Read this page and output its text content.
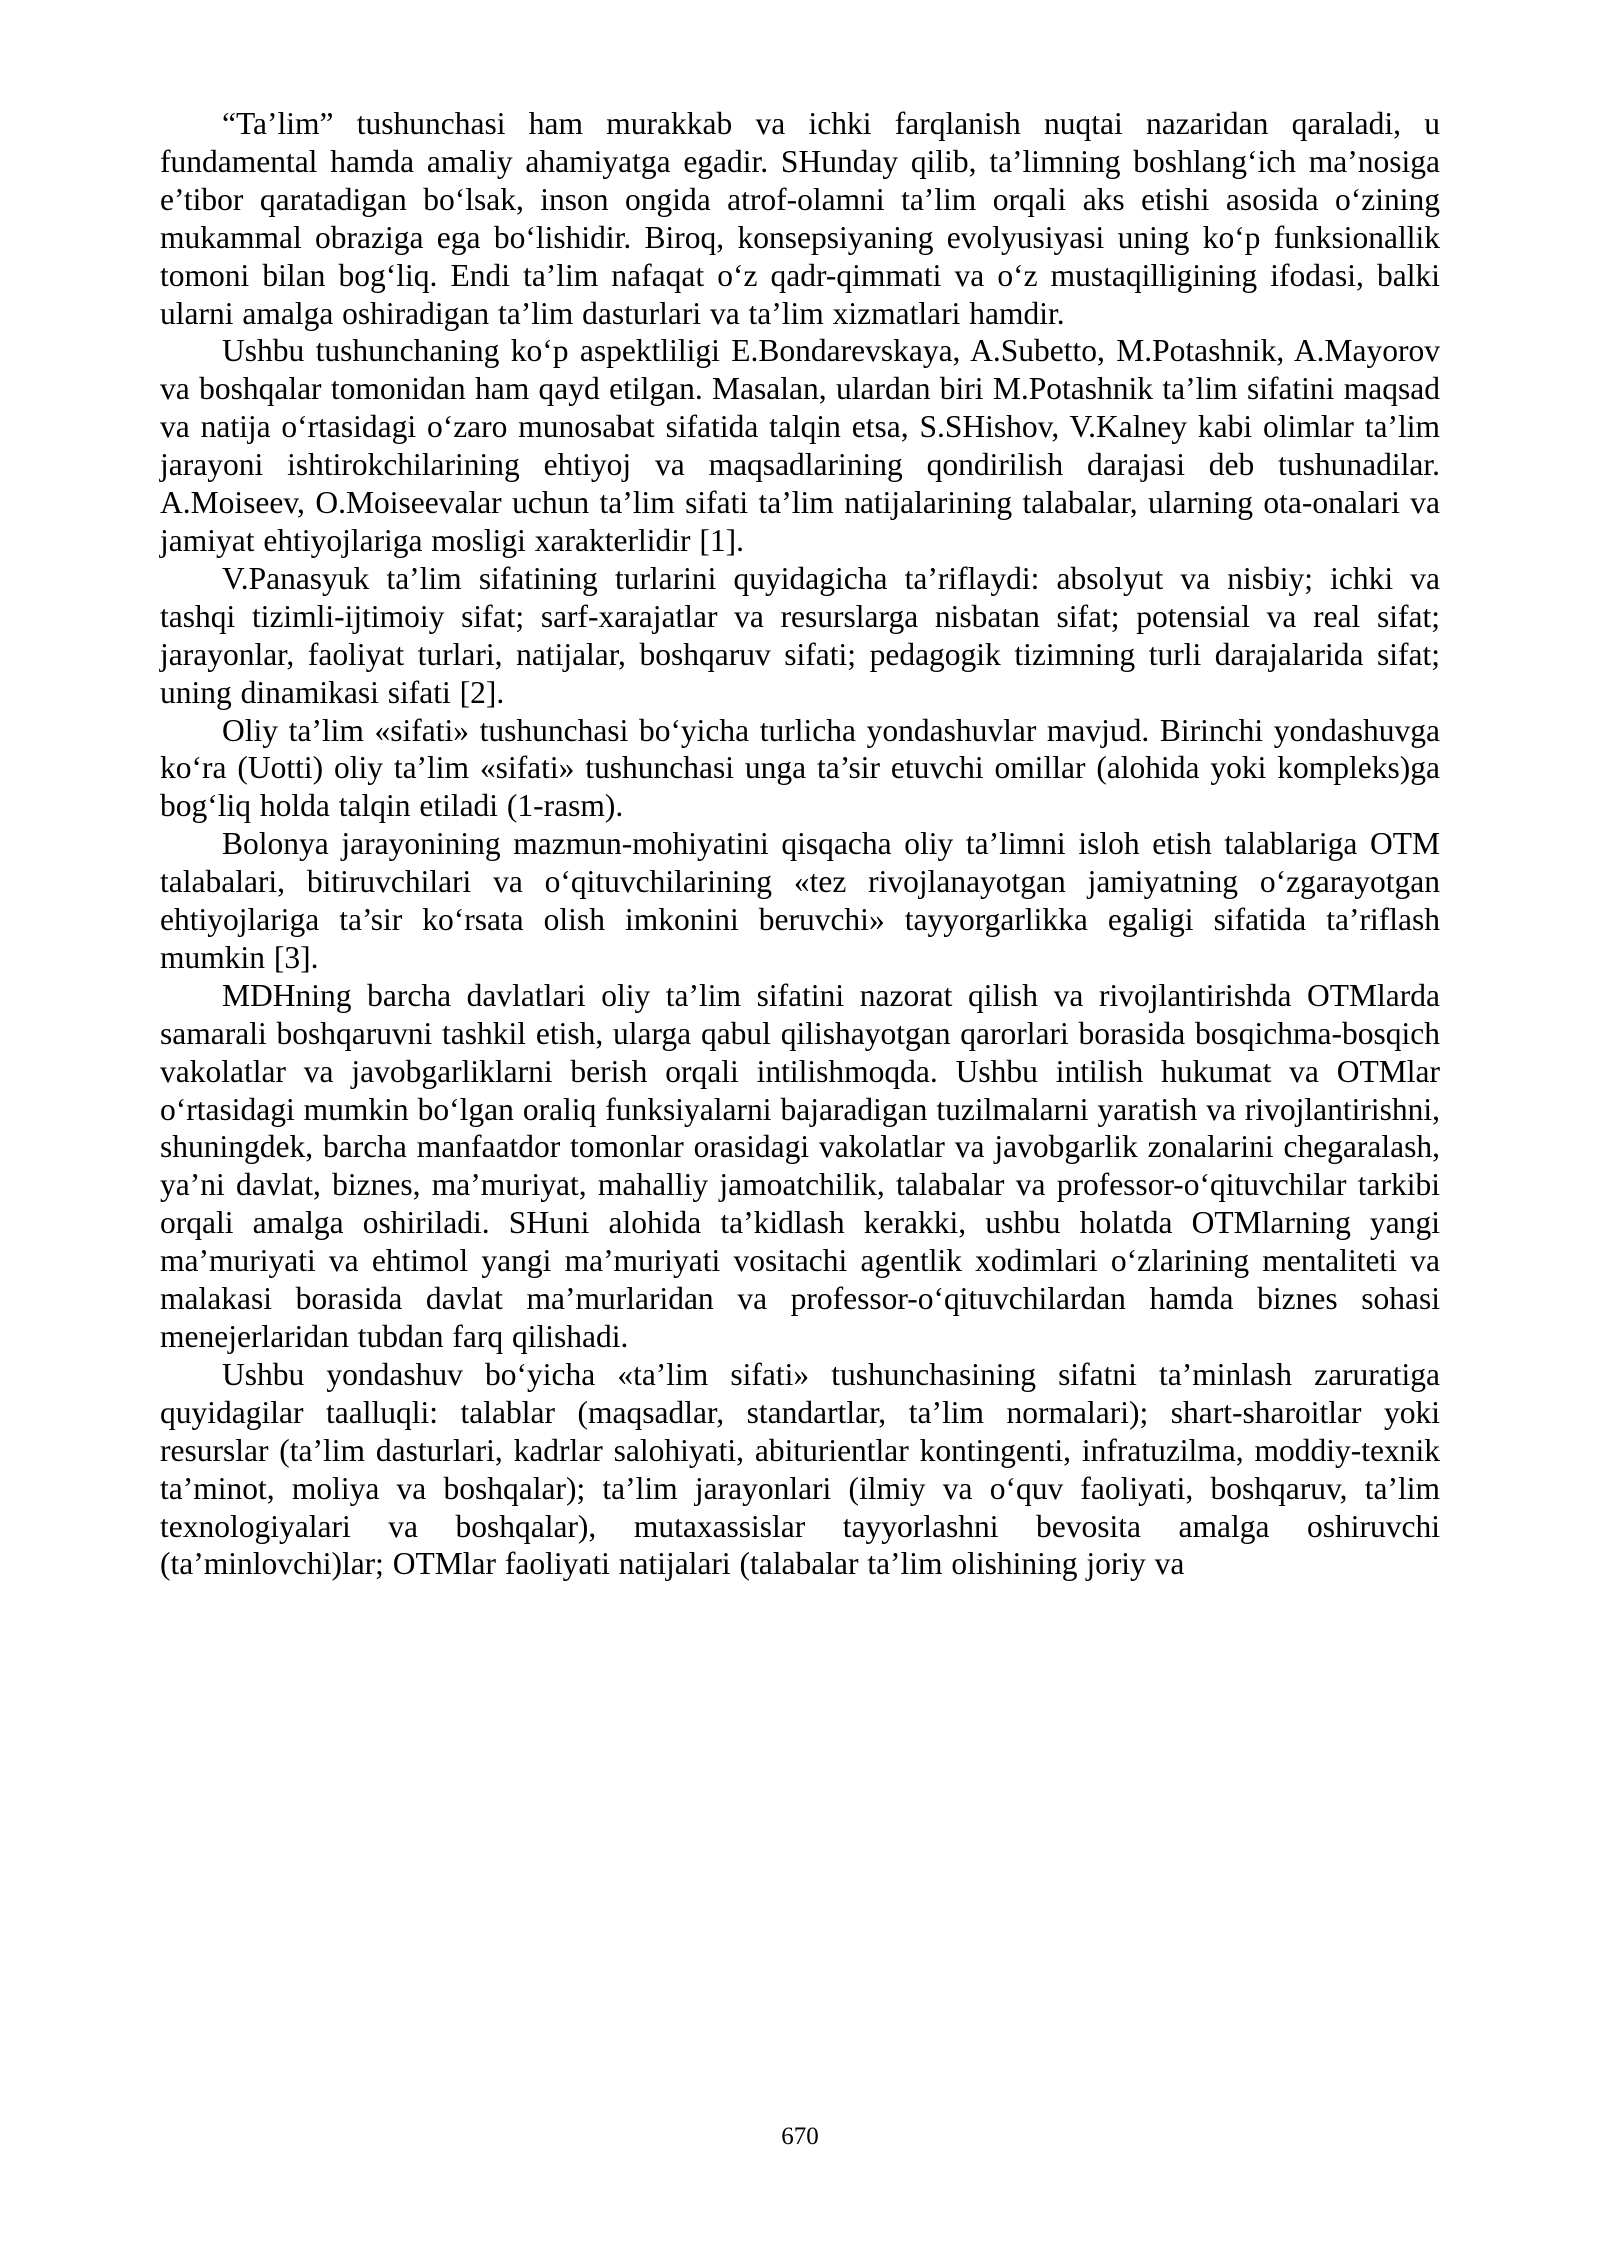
“Ta’lim” tushunchasi ham murakkab va ichki farqlanish nuqtai nazaridan qaraladi, u fundamental hamda amaliy ahamiyatga egadir. SHunday qilib, ta’limning boshlangʻich ma’nosiga e’tibor qaratadigan boʻlsak, inson ongida atrof-olamni ta’lim orqali aks etishi asosida oʻzining mukammal obraziga ega boʻlishidir. Biroq, konsepsiyaning evolyusiyasi uning koʻp funksionallik tomoni bilan bogʻliq. Endi ta’lim nafaqat oʻz qadr-qimmati va oʻz mustaqilligining ifodasi, balki ularni amalga oshiradigan ta’lim dasturlari va ta’lim xizmatlari hamdir.

Ushbu tushunchaning koʻp aspektliligi E.Bondarevskaya, A.Subetto, M.Potashnik, A.Mayorov va boshqalar tomonidan ham qayd etilgan. Masalan, ulardan biri M.Potashnik ta’lim sifatini maqsad va natija oʻrtasidagi oʻzaro munosabat sifatida talqin etsa, S.SHishov, V.Kalney kabi olimlar ta’lim jarayoni ishtirokchilarining ehtiyoj va maqsadlarining qondirilish darajasi deb tushunadilar. A.Moiseev, O.Moiseevalar uchun ta’lim sifati ta’lim natijalarining talabalar, ularning ota-onalari va jamiyat ehtiyojlariga mosligi xarakterlidir [1].

V.Panasyuk ta’lim sifatining turlarini quyidagicha ta’riflaydi: absolyut va nisbiy; ichki va tashqi tizimli-ijtimoiy sifat; sarf-xarajatlar va resurslarga nisbatan sifat; potensial va real sifat; jarayonlar, faoliyat turlari, natijalar, boshqaruv sifati; pedagogik tizimning turli darajalarida sifat; uning dinamikasi sifati [2].

Oliy ta’lim «sifati» tushunchasi boʻyicha turlicha yondashuvlar mavjud. Birinchi yondashuvga koʻra (Uotti) oliy ta’lim «sifati» tushunchasi unga ta’sir etuvchi omillar (alohida yoki kompleks)ga bogʻliq holda talqin etiladi (1-rasm).

Bolonya jarayonining mazmun-mohiyatini qisqacha oliy ta’limni isloh etish talablariga OTM talabalari, bitiruvchilari va oʻqituvchilarining «tez rivojlanayotgan jamiyatning oʻzgarayotgan ehtiyojlariga ta’sir koʻrsata olish imkonini beruvchi» tayyorgarlikka egaligi sifatida ta’riflash mumkin [3].

MDHning barcha davlatlari oliy ta’lim sifatini nazorat qilish va rivojlantirishda OTMlarda samarali boshqaruvni tashkil etish, ularga qabul qilishayotgan qarorlari borasida bosqichma-bosqich vakolatlar va javobgarliklarni berish orqali intilishmoqda. Ushbu intilish hukumat va OTMlar oʻrtasidagi mumkin boʻlgan oraliq funksiyalarni bajaradigan tuzilmalarni yaratish va rivojlantirishni, shuningdek, barcha manfaatdor tomonlar orasidagi vakolatlar va javobgarlik zonalarini chegaralash, ya’ni davlat, biznes, ma’muriyat, mahalliy jamoatchilik, talabalar va professor-oʻqituvchilar tarkibi orqali amalga oshiriladi. SHuni alohida ta’kidlash kerakki, ushbu holatda OTMlarning yangi ma’muriyati va ehtimol yangi ma’muriyati vositachi agentlik xodimlari oʻzlarining mentaliteti va malakasi borasida davlat ma’murlaridan va professor-oʻqituvchilardan hamda biznes sohasi menejerlaridan tubdan farq qilishadi.

Ushbu yondashuv boʻyicha «ta’lim sifati» tushunchasining sifatni ta’minlash zaruratiga quyidagilar taalluqli: talablar (maqsadlar, standartlar, ta’lim normalari); shart-sharoitlar yoki resurslar (ta’lim dasturlari, kadrlar salohiyati, abiturientlar kontingenti, infratuzilma, moddiy-texnik ta’minot, moliya va boshqalar); ta’lim jarayonlari (ilmiy va oʻquv faoliyati, boshqaruv, ta’lim texnologiyalari va boshqalar), mutaxassislar tayyorlashni bevosita amalga oshiruvchi (ta’minlovchi)lar; OTMlar faoliyati natijalari (talabalar ta’lim olishining joriy va

670
